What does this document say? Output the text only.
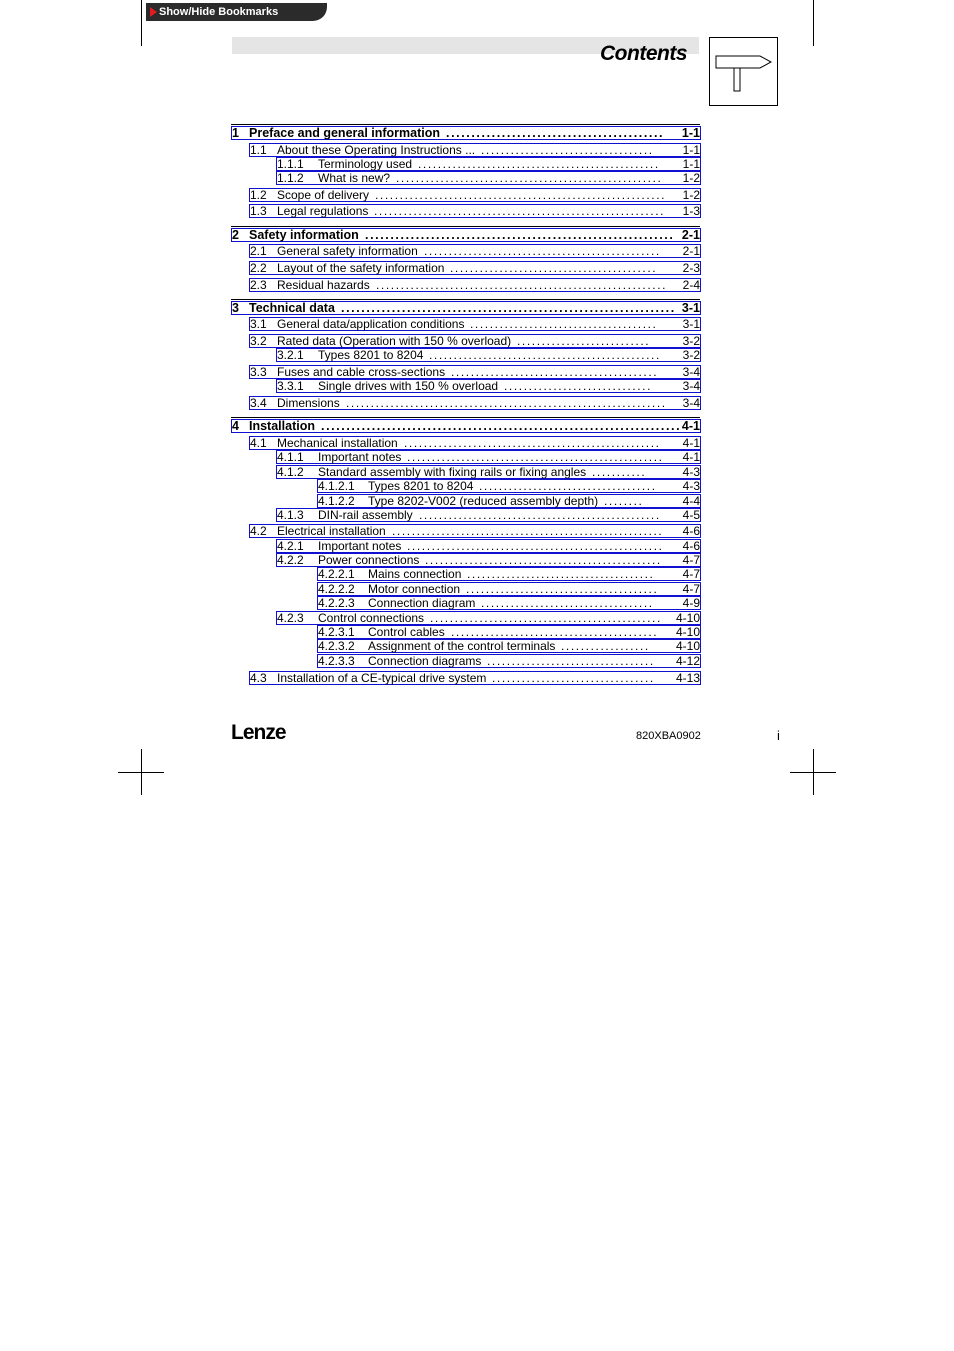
Show/Hide Bookmarks
Contents
1 Preface and general information	1-1
...........................................
1.1 About these Operating Instructions ...	1-1
...................................
1.1.1 Terminology used	1-1
.................................................
1.1.2 What is new?	1-2
......................................................
1.2 Scope of delivery	1-2
...........................................................
1.3 Legal regulations	1-3
...........................................................
2 Safety information	2-1
.............................................................
2.1 General safety information	2-1
................................................
2.2 Layout of the safety information	2-3
..........................................
2.3 Residual hazards	2-4
...........................................................
3 Technical data	3-1
..................................................................
3.1 General data/application conditions	3-1
......................................
3.2 Rated data (Operation with 150 % overload)	3-2
...........................
3.2.1 Types 8201 to 8204	3-2
...............................................
3.3 Fuses and cable cross-sections	3-4
..........................................
3.3.1 Single drives with 150 % overload	3-4
..............................
3.4 Dimensions	3-4
.................................................................
4 Installation	4-1
.......................................................................
4.1 Mechanical installation	4-1
....................................................
4.1.1 Important notes	4-1
....................................................
4.1.2 Standard assembly with fixing rails or fixing angles	4-3
...........
4.1.2.1 Types 8201 to 8204	4-3
....................................
4.1.2.2 Type 8202-V002 (reduced assembly depth)	4-4
........
4.1.3 DIN-rail assembly	4-5
.................................................
4.2 Electrical installation	4-6
.......................................................
4.2.1 Important notes	4-6
....................................................
4.2.2 Power connections	4-7
................................................
4.2.2.1 Mains connection	4-7
......................................
4.2.2.2 Motor connection	4-7
.......................................
4.2.2.3 Connection diagram	4-9
...................................
4.2.3 Control connections	4-10
...............................................
4.2.3.1 Control cables	4-10
..........................................
4.2.3.2 Assignment of the control terminals	4-10
..................
4.2.3.3 Connection diagrams	4-12
..................................
4.3 Installation of a CE-typical drive system	4-13
.................................
Lenze	820XBA0902	i
